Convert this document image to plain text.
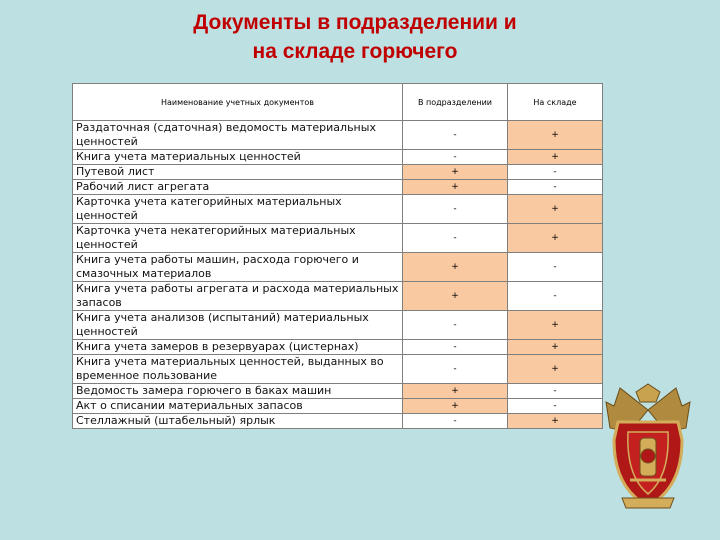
Документы в подразделении и
на складе горючего
Наименование учетных документов	В подразделении	На складе
Раздаточная (сдаточная) ведомость материальных ценностей	-	+
Книга учета материальных ценностей	-	+
Путевой лист	+	-
Рабочий лист агрегата	+	-
Карточка учета категорийных материальных ценностей	-	+
Карточка учета некатегорийных материальных ценностей	-	+
Книга учета работы машин, расхода горючего и смазочных материалов	+	-
Книга учета работы агрегата и расхода материальных запасов	+	-
Книга учета анализов (испытаний) материальных ценностей	-	+
Книга учета замеров в резервуарах (цистернах)	-	+
Книга учета материальных ценностей, выданных во временное пользование	-	+
Ведомость замера горючего в баках машин	+	-
Акт о списании материальных запасов	+	-
Стеллажный (штабельный) ярлык	-	+
